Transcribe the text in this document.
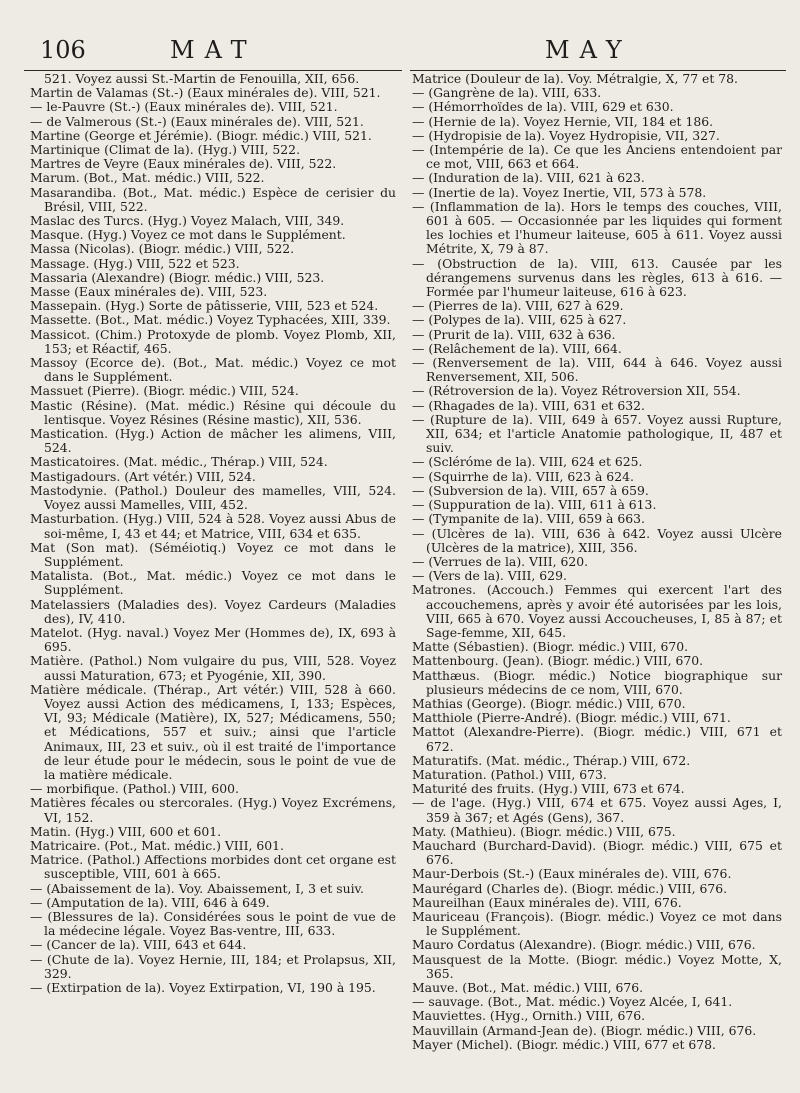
106	MAT	MAY

521. Voyez aussi St.-Martin de Fenouilla, XII, 656.

Martin de Valamas (St.-) (Eaux minérales de). VIII, 521.

— le-Pauvre (St.-) (Eaux minérales de). VIII, 521.

— de Valmerous (St.-) (Eaux minérales de). VIII, 521.

Martine (George et Jérémie). (Biogr. médic.) VIII, 521.

Martinique (Climat de la). (Hyg.) VIII, 522.

Martres de Veyre (Eaux minérales de). VIII, 522.

Marum. (Bot., Mat. médic.) VIII, 522.

Masarandiba. (Bot., Mat. médic.) Espèce de cerisier du Brésil, VIII, 522.

Maslac des Turcs. (Hyg.) Voyez Malach, VIII, 349.

Masque. (Hyg.) Voyez ce mot dans le Supplément.

Massa (Nicolas). (Biogr. médic.) VIII, 522.

Massage. (Hyg.) VIII, 522 et 523.

Massaria (Alexandre) (Biogr. médic.) VIII, 523.

Masse (Eaux minérales de). VIII, 523.

Massepain. (Hyg.) Sorte de pâtisserie, VIII, 523 et 524.

Massette. (Bot., Mat. médic.) Voyez Typhacées, XIII, 339.

Massicot. (Chim.) Protoxyde de plomb. Voyez Plomb, XII, 153; et Réactif, 465.

Massoy (Ecorce de). (Bot., Mat. médic.) Voyez ce mot dans le Supplément.

Massuet (Pierre). (Biogr. médic.) VIII, 524.

Mastic (Résine). (Mat. médic.) Résine qui découle du lentisque. Voyez Résines (Résine mastic), XII, 536.

Mastication. (Hyg.) Action de mâcher les alimens, VIII, 524.

Masticatoires. (Mat. médic., Thérap.) VIII, 524.

Mastigadours. (Art vétér.) VIII, 524.

Mastodynie. (Pathol.) Douleur des mamelles, VIII, 524. Voyez aussi Mamelles, VIII, 452.

Masturbation. (Hyg.) VIII, 524 à 528. Voyez aussi Abus de soi-même, I, 43 et 44; et Matrice, VIII, 634 et 635.

Mat (Son mat). (Séméiotiq.) Voyez ce mot dans le Supplément.

Matalista. (Bot., Mat. médic.) Voyez ce mot dans le Supplément.

Matelassiers (Maladies des). Voyez Cardeurs (Maladies des), IV, 410.

Matelot. (Hyg. naval.) Voyez Mer (Hommes de), IX, 693 à 695.

Matière. (Pathol.) Nom vulgaire du pus, VIII, 528. Voyez aussi Maturation, 673; et Pyogénie, XII, 390.

Matière médicale. (Thérap., Art vétér.) VIII, 528 à 660. Voyez aussi Action des médicamens, I, 133; Espèces, VI, 93; Médicale (Matière), IX, 527; Médicamens, 550; et Médications, 557 et suiv.; ainsi que l'article Animaux, III, 23 et suiv., où il est traité de l'importance de leur étude pour le médecin, sous le point de vue de la matière médicale.

— morbifique. (Pathol.) VIII, 600.

Matières fécales ou stercorales. (Hyg.) Voyez Excrémens, VI, 152.

Matin. (Hyg.) VIII, 600 et 601.

Matricaire. (Pot., Mat. médic.) VIII, 601.

Matrice. (Pathol.) Affections morbides dont cet organe est susceptible, VIII, 601 à 665.

— (Abaissement de la). Voy. Abaissement, I, 3 et suiv.

— (Amputation de la). VIII, 646 à 649.

— (Blessures de la). Considérées sous le point de vue de la médecine légale. Voyez Bas-ventre, III, 633.

— (Cancer de la). VIII, 643 et 644.

— (Chute de la). Voyez Hernie, III, 184; et Prolapsus, XII, 329.

— (Extirpation de la). Voyez Extirpation, VI, 190 à 195.

Matrice (Douleur de la). Voy. Métralgie, X, 77 et 78.

— (Gangrène de la). VIII, 633.

— (Hémorrhoïdes de la). VIII, 629 et 630.

— (Hernie de la). Voyez Hernie, VII, 184 et 186.

— (Hydropisie de la). Voyez Hydropisie, VII, 327.

— (Intempérie de la). Ce que les Anciens entendoient par ce mot, VIII, 663 et 664.

— (Induration de la). VIII, 621 à 623.

— (Inertie de la). Voyez Inertie, VII, 573 à 578.

— (Inflammation de la). Hors le temps des couches, VIII, 601 à 605. — Occasionnée par les liquides qui forment les lochies et l'humeur laiteuse, 605 à 611. Voyez aussi Métrite, X, 79 à 87.

— (Obstruction de la). VIII, 613. Causée par les dérangemens survenus dans les règles, 613 à 616. — Formée par l'humeur laiteuse, 616 à 623.

— (Pierres de la). VIII, 627 à 629.

— (Polypes de la). VIII, 625 à 627.

— (Prurit de la). VIII, 632 à 636.

— (Relâchement de la). VIII, 664.

— (Renversement de la). VIII, 644 à 646. Voyez aussi Renversement, XII, 506.

— (Rétroversion de la). Voyez Rétroversion XII, 554.

— (Rhagades de la). VIII, 631 et 632.

— (Rupture de la). VIII, 649 à 657. Voyez aussi Rupture, XII, 634; et l'article Anatomie pathologique, II, 487 et suiv.

— (Scléróme de la). VIII, 624 et 625.

— (Squirrhe de la). VIII, 623 à 624.

— (Subversion de la). VIII, 657 à 659.

— (Suppuration de la). VIII, 611 à 613.

— (Tympanite de la). VIII, 659 à 663.

— (Ulcères de la). VIII, 636 à 642. Voyez aussi Ulcère (Ulcères de la matrice), XIII, 356.

— (Verrues de la). VIII, 620.

— (Vers de la). VIII, 629.

Matrones. (Accouch.) Femmes qui exercent l'art des accouchemens, après y avoir été autorisées par les lois, VIII, 665 à 670. Voyez aussi Accoucheuses, I, 85 à 87; et Sage-femme, XII, 645.

Matte (Sébastien). (Biogr. médic.) VIII, 670.

Mattenbourg. (Jean). (Biogr. médic.) VIII, 670.

Matthæus. (Biogr. médic.) Notice biographique sur plusieurs médecins de ce nom, VIII, 670.

Mathias (George). (Biogr. médic.) VIII, 670.

Matthiole (Pierre-André). (Biogr. médic.) VIII, 671.

Mattot (Alexandre-Pierre). (Biogr. médic.) VIII, 671 et 672.

Maturatifs. (Mat. médic., Thérap.) VIII, 672.

Maturation. (Pathol.) VIII, 673.

Maturité des fruits. (Hyg.) VIII, 673 et 674.

— de l'age. (Hyg.) VIII, 674 et 675. Voyez aussi Ages, I, 359 à 367; et Agés (Gens), 367.

Maty. (Mathieu). (Biogr. médic.) VIII, 675.

Mauchard (Burchard-David). (Biogr. médic.) VIII, 675 et 676.

Maur-Derbois (St.-) (Eaux minérales de). VIII, 676.

Maurégard (Charles de). (Biogr. médic.) VIII, 676.

Maureilhan (Eaux minérales de). VIII, 676.

Mauriceau (François). (Biogr. médic.) Voyez ce mot dans le Supplément.

Mauro Cordatus (Alexandre). (Biogr. médic.) VIII, 676.

Mausquest de la Motte. (Biogr. médic.) Voyez Motte, X, 365.

Mauve. (Bot., Mat. médic.) VIII, 676.

— sauvage. (Bot., Mat. médic.) Voyez Alcée, I, 641.

Mauviettes. (Hyg., Ornith.) VIII, 676.

Mauvillain (Armand-Jean de). (Biogr. médic.) VIII, 676.

Mayer (Michel). (Biogr. médic.) VIII, 677 et 678.
